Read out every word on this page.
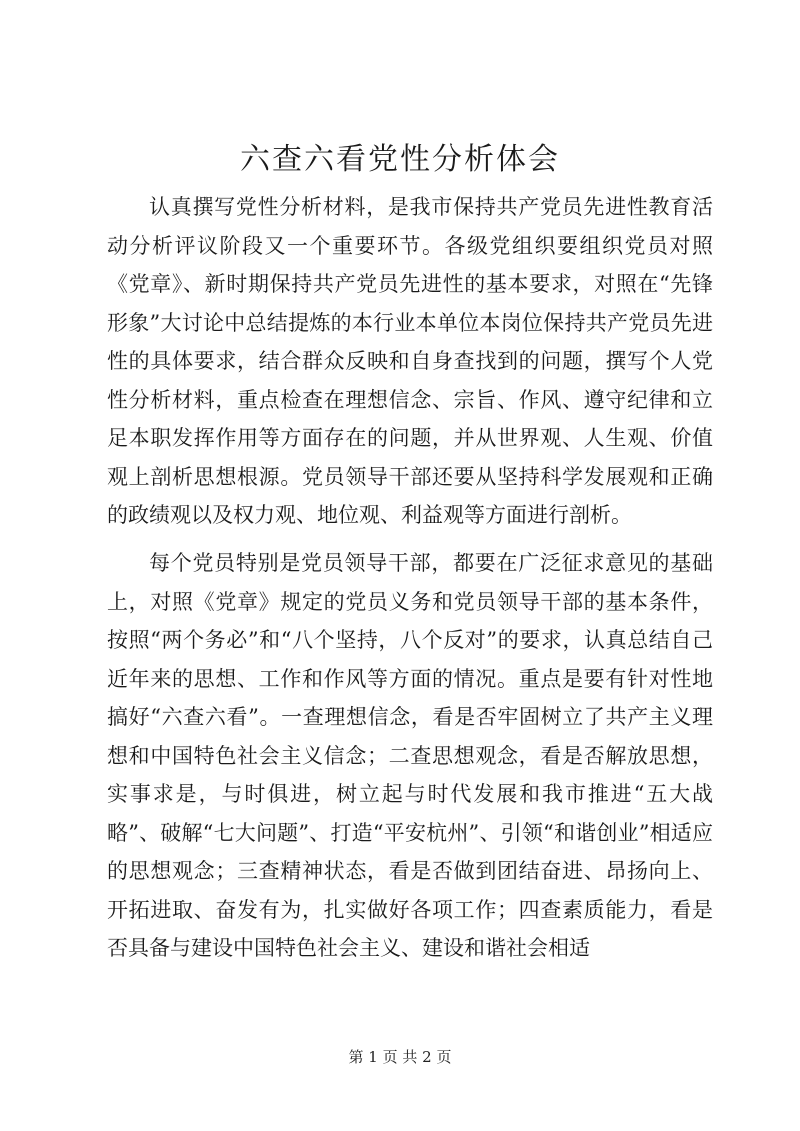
六查六看党性分析体会

认真撰写党性分析材料，是我市保持共产党员先进性教育活动分析评议阶段又一个重要环节。各级党组织要组织党员对照《党章》、新时期保持共产党员先进性的基本要求，对照在“先锋形象”大讨论中总结提炼的本行业本单位本岗位保持共产党员先进性的具体要求，结合群众反映和自身查找到的问题，撰写个人党性分析材料，重点检查在理想信念、宗旨、作风、遵守纪律和立足本职发挥作用等方面存在的问题，并从世界观、人生观、价值观上剖析思想根源。党员领导干部还要从坚持科学发展观和正确的政绩观以及权力观、地位观、利益观等方面进行剖析。

每个党员特别是党员领导干部，都要在广泛征求意见的基础上，对照《党章》规定的党员义务和党员领导干部的基本条件，按照“两个务必”和“八个坚持，八个反对”的要求，认真总结自己近年来的思想、工作和作风等方面的情况。重点是要有针对性地搞好“六查六看”。一查理想信念，看是否牢固树立了共产主义理想和中国特色社会主义信念；二查思想观念，看是否解放思想，实事求是，与时俱进，树立起与时代发展和我市推进“五大战略”、破解“七大问题”、打造“平安杭州”、引领“和谐创业”相适应的思想观念；三查精神状态，看是否做到团结奋进、昂扬向上、开拓进取、奋发有为，扎实做好各项工作；四查素质能力，看是否具备与建设中国特色社会主义、建设和谐社会相适

第 1 页 共 2 页
